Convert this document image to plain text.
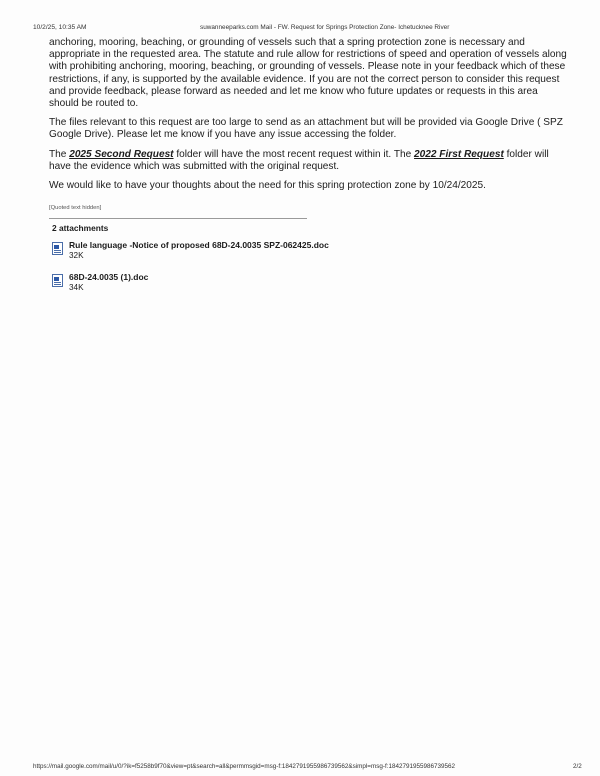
10/2/25, 10:35 AM	suwanneeparks.com Mail - FW. Request for Springs Protection Zone- Ichetucknee River

anchoring, mooring, beaching, or grounding of vessels such that a spring protection zone is necessary and appropriate in the requested area. The statute and rule allow for restrictions of speed and operation of vessels along with prohibiting anchoring, mooring, beaching, or grounding of vessels. Please note in your feedback which of these restrictions, if any, is supported by the available evidence. If you are not the correct person to consider this request and provide feedback, please forward as needed and let me know who future updates or requests in this area should be routed to.

The files relevant to this request are too large to send as an attachment but will be provided via Google Drive ( SPZ Google Drive). Please let me know if you have any issue accessing the folder.

The 2025 Second Request folder will have the most recent request within it. The 2022 First Request folder will have the evidence which was submitted with the original request.

We would like to have your thoughts about the need for this spring protection zone by 10/24/2025.

[Quoted text hidden]
2 attachments
Rule language -Notice of proposed 68D-24.0035 SPZ-062425.doc
32K
68D-24.0035 (1).doc
34K
https://mail.google.com/mail/u/0/?ik=f5258b9f70&view=pt&search=all&permmsgid=msg-f:1842791955986739562&simpl=msg-f:1842791955986739562	2/2
